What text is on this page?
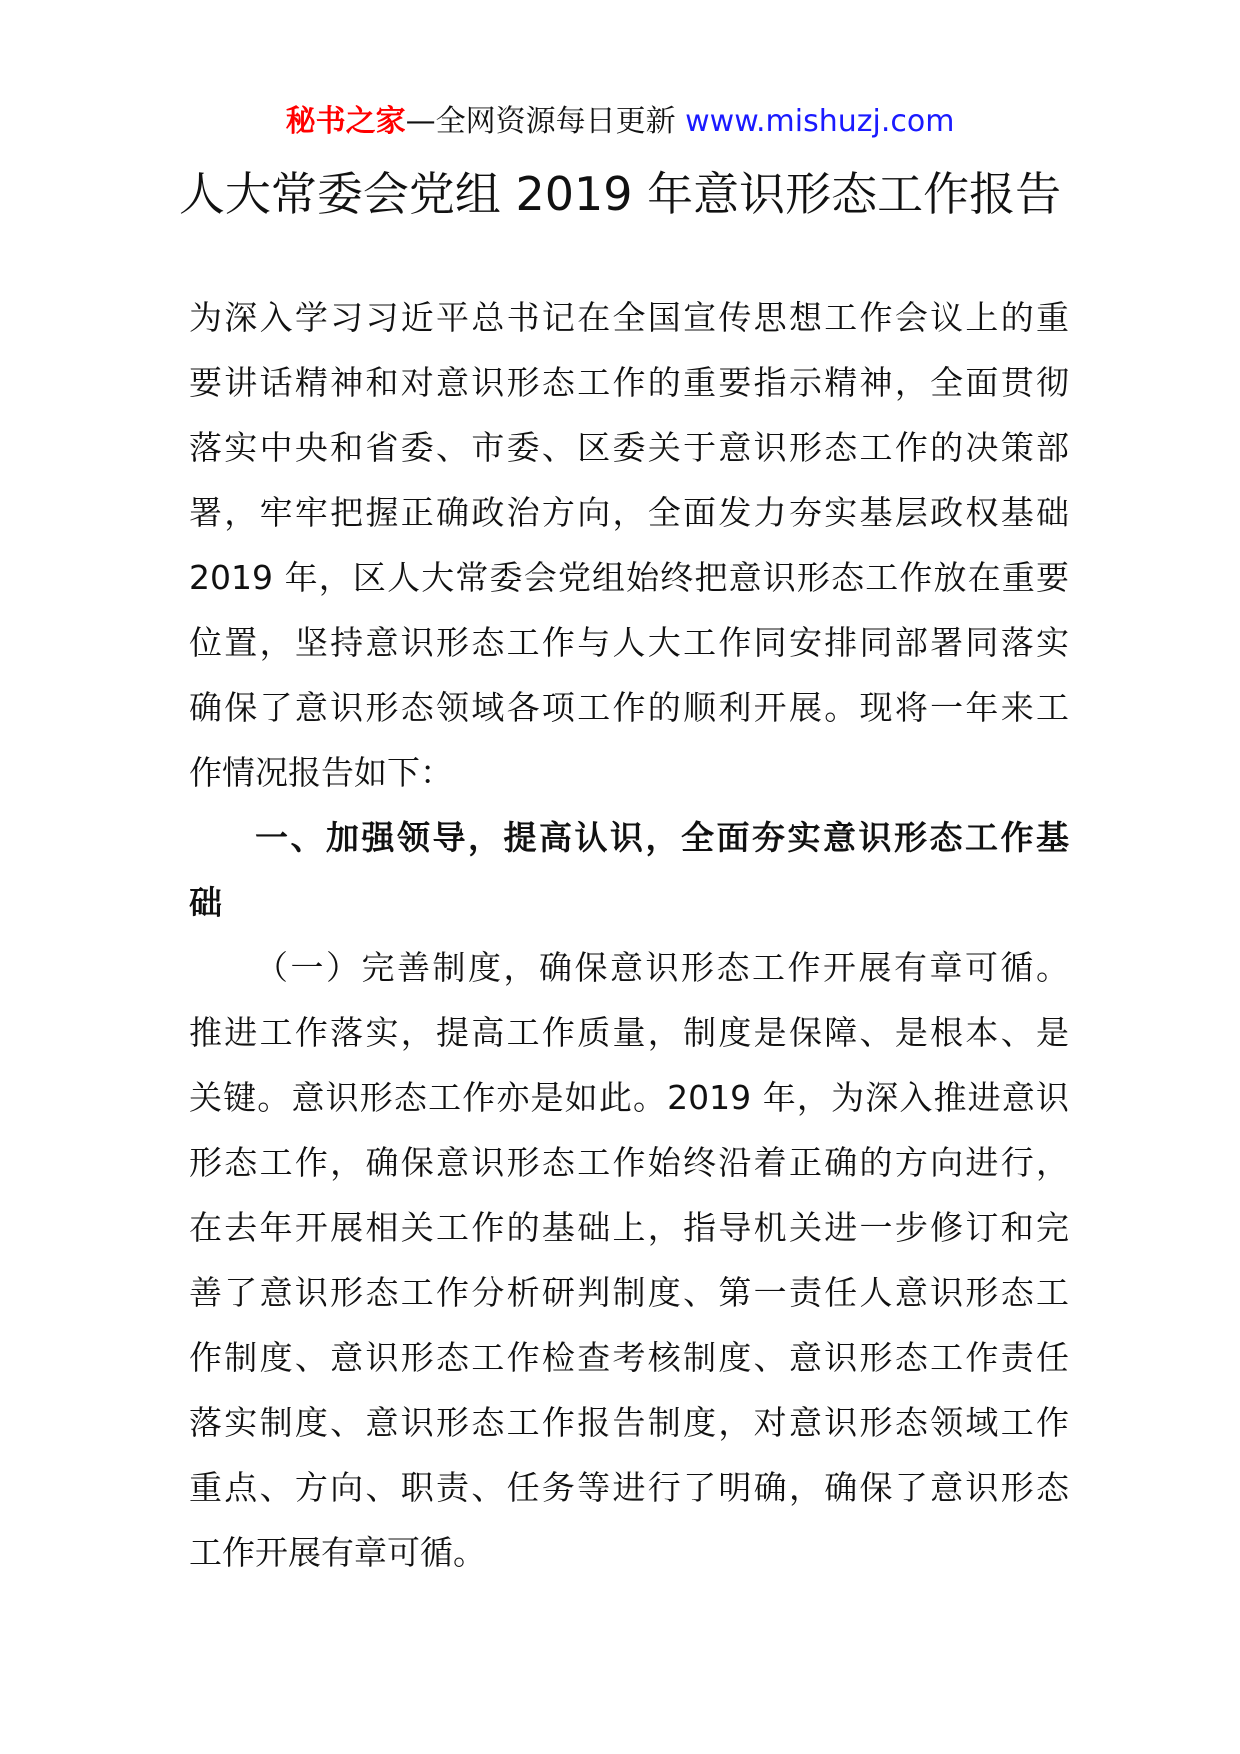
秘书之家—全网资源每日更新 www.mishuzj.com
人大常委会党组 2019 年意识形态工作报告
为深入学习习近平总书记在全国宣传思想工作会议上的重
要讲话精神和对意识形态工作的重要指示精神，全面贯彻
落实中央和省委、市委、区委关于意识形态工作的决策部
署，牢牢把握正确政治方向，全面发力夯实基层政权基础
2019 年，区人大常委会党组始终把意识形态工作放在重要
位置，坚持意识形态工作与人大工作同安排同部署同落实
确保了意识形态领域各项工作的顺利开展。现将一年来工
作情况报告如下：
一、加强领导，提高认识，全面夯实意识形态工作基
础
（一）完善制度，确保意识形态工作开展有章可循。
推进工作落实，提高工作质量，制度是保障、是根本、是
关键。意识形态工作亦是如此。2019 年，为深入推进意识
形态工作，确保意识形态工作始终沿着正确的方向进行，
在去年开展相关工作的基础上，指导机关进一步修订和完
善了意识形态工作分析研判制度、第一责任人意识形态工
作制度、意识形态工作检查考核制度、意识形态工作责任
落实制度、意识形态工作报告制度，对意识形态领域工作
重点、方向、职责、任务等进行了明确，确保了意识形态
工作开展有章可循。
